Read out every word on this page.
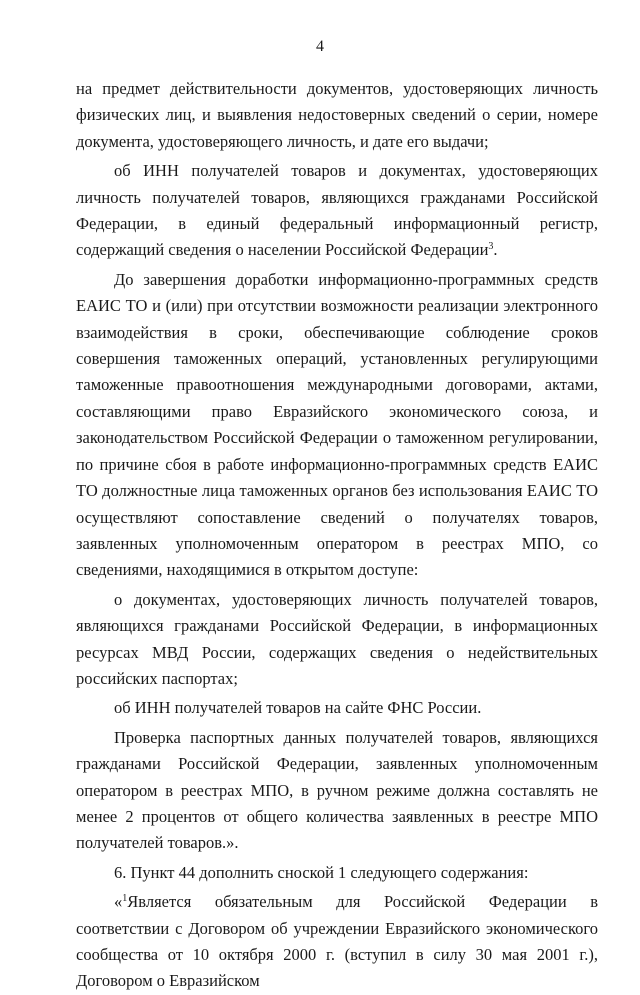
4

на предмет действительности документов, удостоверяющих личность физических лиц, и выявления недостоверных сведений о серии, номере документа, удостоверяющего личность, и дате его выдачи;

об ИНН получателей товаров и документах, удостоверяющих личность получателей товаров, являющихся гражданами Российской Федерации, в единый федеральный информационный регистр, содержащий сведения о населении Российской Федерации$^3$.

До завершения доработки информационно-программных средств ЕАИС ТО и (или) при отсутствии возможности реализации электронного взаимодействия в сроки, обеспечивающие соблюдение сроков совершения таможенных операций, установленных регулирующими таможенные правоотношения международными договорами, актами, составляющими право Евразийского экономического союза, и законодательством Российской Федерации о таможенном регулировании, по причине сбоя в работе информационно-программных средств ЕАИС ТО должностные лица таможенных органов без использования ЕАИС ТО осуществляют сопоставление сведений о получателях товаров, заявленных уполномоченным оператором в реестрах МПО, со сведениями, находящимися в открытом доступе:

о документах, удостоверяющих личность получателей товаров, являющихся гражданами Российской Федерации, в информационных ресурсах МВД России, содержащих сведения о недействительных российских паспортах;

об ИНН получателей товаров на сайте ФНС России.

Проверка паспортных данных получателей товаров, являющихся гражданами Российской Федерации, заявленных уполномоченным оператором в реестрах МПО, в ручном режиме должна составлять не менее 2 процентов от общего количества заявленных в реестре МПО получателей товаров.».

6. Пункт 44 дополнить сноской 1 следующего содержания:

«$^1$Является обязательным для Российской Федерации в соответствии с Договором об учреждении Евразийского экономического сообщества от 10 октября 2000 г. (вступил в силу 30 мая 2001 г.), Договором о Евразийском
